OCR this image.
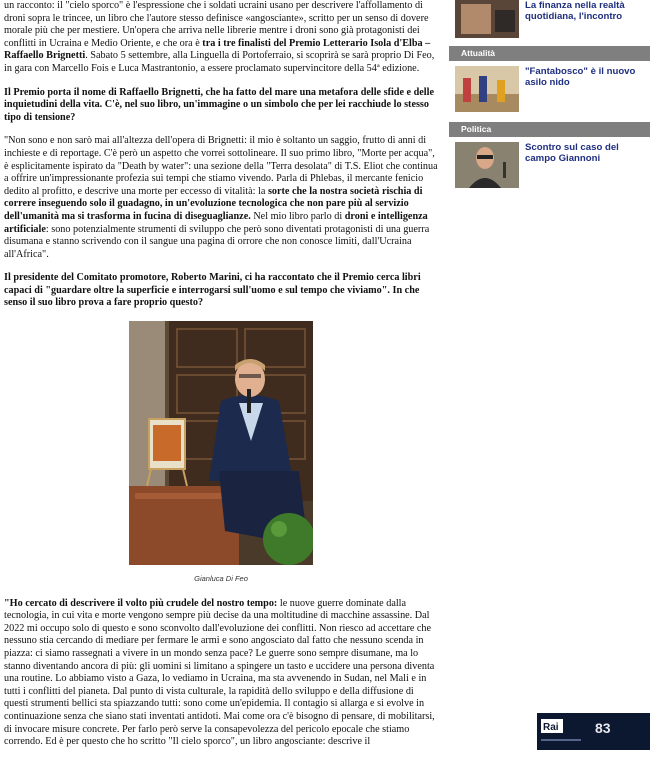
un racconto: il "cielo sporco" è l'espressione che i soldati ucraini usano per descrivere l'affollamento di droni sopra le trincee, un libro che l'autore stesso definisce «angosciante», scritto per un senso di dovere morale più che per mestiere. Un'opera che arriva nelle librerie mentre i droni sono già protagonisti dei conflitti in Ucraina e Medio Oriente, e che ora è tra i tre finalisti del Premio Letterario Isola d'Elba – Raffaello Brignetti. Sabato 5 settembre, alla Linguella di Portoferraio, si scoprirà se sarà proprio Di Feo, in gara con Marcello Fois e Luca Mastrantonio, a essere proclamato supervincitore della 54ª edizione.

Il Premio porta il nome di Raffaello Brignetti, che ha fatto del mare una metafora delle sfide e delle inquietudini della vita. C'è, nel suo libro, un'immagine o un simbolo che per lei racchiude lo stesso tipo di tensione?

"Non sono e non sarò mai all'altezza dell'opera di Brignetti: il mio è soltanto un saggio, frutto di anni di inchieste e di reportage. C'è però un aspetto che vorrei sottolineare. Il suo primo libro, "Morte per acqua", è esplicitamente ispirato da "Death by water": una sezione della "Terra desolata" di T.S. Eliot che continua a offrire un'impressionante profezia sui tempi che stiamo vivendo. Parla di Phlebas, il mercante fenicio dedito al profitto, e descrive una morte per eccesso di vitalità: la sorte che la nostra società rischia di correre inseguendo solo il guadagno, in un'evoluzione tecnologica che non pare più al servizio dell'umanità ma si trasforma in fucina di diseguaglianze. Nel mio libro parlo di droni e intelligenza artificiale: sono potenzialmente strumenti di sviluppo che però sono diventati protagonisti di una guerra disumana e stanno scrivendo con il sangue una pagina di orrore che non conosce limiti, dall'Ucraina all'Africa".

Il presidente del Comitato promotore, Roberto Marini, ci ha raccontato che il Premio cerca libri capaci di "guardare oltre la superficie e interrogarsi sull'uomo e sul tempo che viviamo". In che senso il suo libro prova a fare proprio questo?

Gianluca Di Feo

"Ho cercato di descrivere il volto più crudele del nostro tempo: le nuove guerre dominate dalla tecnologia, in cui vita e morte vengono sempre più decise da una moltitudine di macchine assassine. Dal 2022 mi occupo solo di questo e sono sconvolto dall'evoluzione dei conflitti. Non riesco ad accettare che nessuno stia cercando di mediare per fermare le armi e sono angosciato dal fatto che nessuno scenda in piazza: ci siamo rassegnati a vivere in un mondo senza pace? Le guerre sono sempre disumane, ma lo stanno diventando ancora di più: gli uomini si limitano a spingere un tasto e uccidere una persona diventa una routine. Lo abbiamo visto a Gaza, lo vediamo in Ucraina, ma sta avvenendo in Sudan, nel Mali e in tutti i conflitti del pianeta. Dal punto di vista culturale, la rapidità dello sviluppo e della diffusione di questi strumenti bellici sta spiazzando tutti: sono come un'epidemia. Il contagio si allarga e si evolve in continuazione senza che siano stati inventati antidoti. Mai come ora c'è bisogno di pensare, di mobilitarsi, di invocare misure concrete. Per farlo però serve la consapevolezza del pericolo epocale che stiamo correndo. Ed è per questo che ho scritto "Il cielo sporco", un libro angosciante: descrive il

La finanza nella realtà quotidiana, l'incontro
Attualità
"Fantabosco" è il nuovo asilo nido
Politica
Scontro sul caso del campo Giannoni
Rai	83
